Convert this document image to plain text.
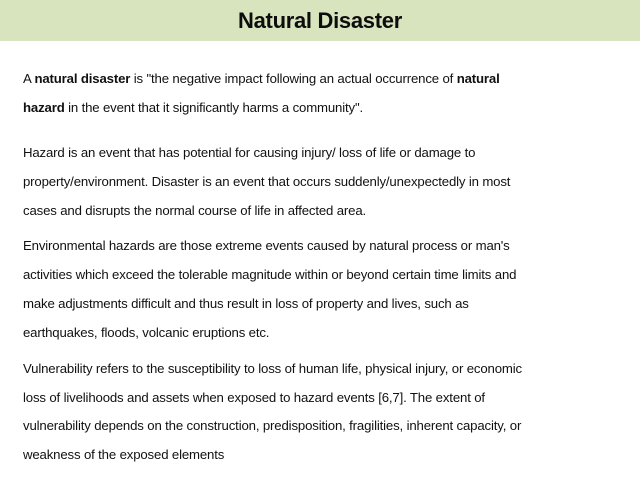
Natural Disaster
A natural disaster is "the negative impact following an actual occurrence of natural
hazard in the event that it significantly harms a community".
Hazard is an event that has potential for causing injury/ loss of life or damage to
property/environment. Disaster is an event that occurs suddenly/unexpectedly in most
cases and disrupts the normal course of life in affected area.
Environmental hazards are those extreme events caused by natural process or man's
activities which exceed the tolerable magnitude within or beyond certain time limits and
make adjustments difficult and thus result in loss of property and lives, such as
earthquakes, floods, volcanic eruptions etc.
Vulnerability refers to the susceptibility to loss of human life, physical injury, or economic
loss of livelihoods and assets when exposed to hazard events [6,7]. The extent of
vulnerability depends on the construction, predisposition, fragilities, inherent capacity, or
weakness of the exposed elements
